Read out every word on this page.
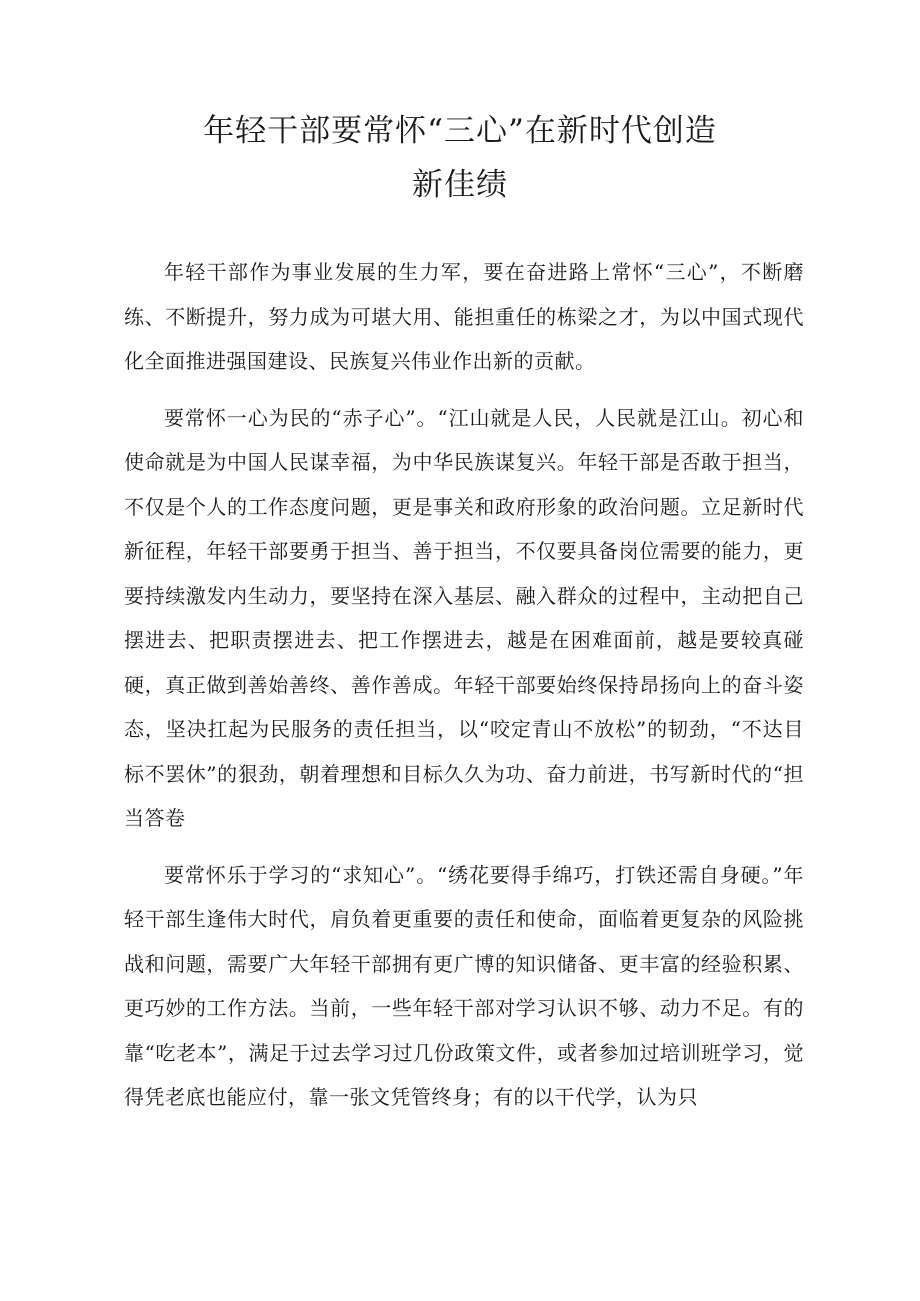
年轻干部要常怀“三心”在新时代创造
新佳绩

年轻干部作为事业发展的生力军，要在奋进路上常怀“三心”，不断磨练、不断提升，努力成为可堪大用、能担重任的栋梁之才，为以中国式现代化全面推进强国建设、民族复兴伟业作出新的贡献。

要常怀一心为民的“赤子心”。“江山就是人民，人民就是江山。初心和使命就是为中国人民谋幸福，为中华民族谋复兴。年轻干部是否敢于担当，不仅是个人的工作态度问题，更是事关和政府形象的政治问题。立足新时代新征程，年轻干部要勇于担当、善于担当，不仅要具备岗位需要的能力，更要持续激发内生动力，要坚持在深入基层、融入群众的过程中，主动把自己摆进去、把职责摆进去、把工作摆进去，越是在困难面前，越是要较真碰硬，真正做到善始善终、善作善成。年轻干部要始终保持昂扬向上的奋斗姿态，坚决扛起为民服务的责任担当，以“咬定青山不放松”的韧劲，“不达目标不罢休”的狠劲，朝着理想和目标久久为功、奋力前进，书写新时代的“担当答卷

要常怀乐于学习的“求知心”。“绣花要得手绵巧，打铁还需自身硬。”年轻干部生逢伟大时代，肩负着更重要的责任和使命，面临着更复杂的风险挑战和问题，需要广大年轻干部拥有更广博的知识储备、更丰富的经验积累、更巧妙的工作方法。当前，一些年轻干部对学习认识不够、动力不足。有的靠“吃老本”，满足于过去学习过几份政策文件，或者参加过培训班学习，觉得凭老底也能应付，靠一张文凭管终身；有的以干代学，认为只
